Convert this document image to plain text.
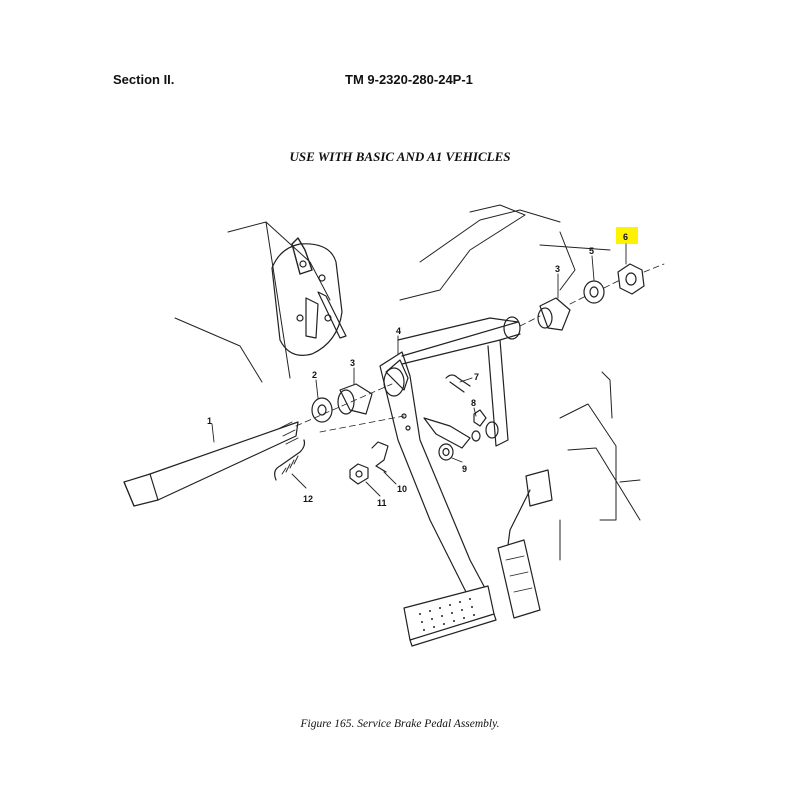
Section II.	TM 9-2320-280-24P-1
USE WITH BASIC AND A1 VEHICLES
1
2
3
3
4
5
6
7
8
9
10
11
12
Figure 165. Service Brake Pedal Assembly.
